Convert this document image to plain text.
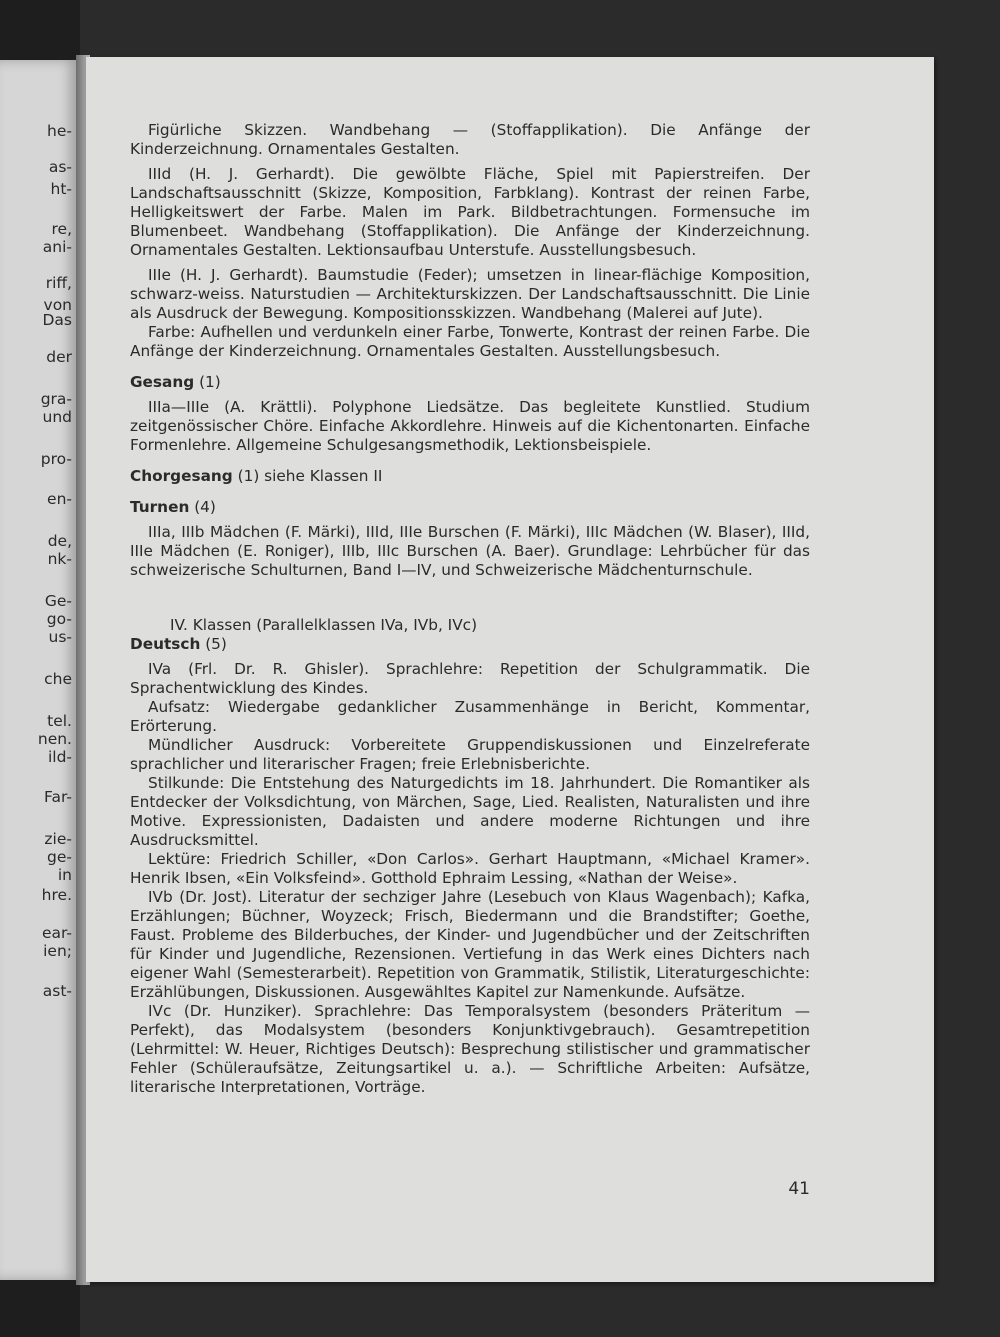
he-
as-
ht-
re,
ani-
riff,
von
Das
der
gra-
und
pro-
en-
de,
nk-
Ge-
go-
us-
che
tel.
nen.
ild-
Far-
zie-
ge-
in
hre.
ear-
ien;
ast-

Figürliche Skizzen. Wandbehang — (Stoffapplikation). Die Anfänge der Kinderzeichnung. Ornamentales Gestalten.

IIId (H. J. Gerhardt). Die gewölbte Fläche, Spiel mit Papierstreifen. Der Landschaftsausschnitt (Skizze, Komposition, Farbklang). Kontrast der reinen Farbe, Helligkeitswert der Farbe. Malen im Park. Bildbetrachtungen. Formensuche im Blumenbeet. Wandbehang (Stoffapplikation). Die Anfänge der Kinderzeichnung. Ornamentales Gestalten. Lektionsaufbau Unterstufe. Ausstellungsbesuch.

IIIe (H. J. Gerhardt). Baumstudie (Feder); umsetzen in linear-flächige Komposition, schwarz-weiss. Naturstudien — Architekturskizzen. Der Landschaftsausschnitt. Die Linie als Ausdruck der Bewegung. Kompositionsskizzen. Wandbehang (Malerei auf Jute).

Farbe: Aufhellen und verdunkeln einer Farbe, Tonwerte, Kontrast der reinen Farbe. Die Anfänge der Kinderzeichnung. Ornamentales Gestalten. Ausstellungsbesuch.

Gesang (1)

IIIa—IIIe (A. Krättli). Polyphone Liedsätze. Das begleitete Kunstlied. Studium zeitgenössischer Chöre. Einfache Akkordlehre. Hinweis auf die Kichentonarten. Einfache Formenlehre. Allgemeine Schulgesangsmethodik, Lektionsbeispiele.

Chorgesang (1) siehe Klassen II

Turnen (4)

IIIa, IIIb Mädchen (F. Märki), IIId, IIIe Burschen (F. Märki), IIIc Mädchen (W. Blaser), IIId, IIIe Mädchen (E. Roniger), IIIb, IIIc Burschen (A. Baer). Grundlage: Lehrbücher für das schweizerische Schulturnen, Band I—IV, und Schweizerische Mädchenturnschule.

IV. Klassen (Parallelklassen IVa, IVb, IVc)

Deutsch (5)

IVa (Frl. Dr. R. Ghisler). Sprachlehre: Repetition der Schulgrammatik. Die Sprachentwicklung des Kindes.

Aufsatz: Wiedergabe gedanklicher Zusammenhänge in Bericht, Kommentar, Erörterung.

Mündlicher Ausdruck: Vorbereitete Gruppendiskussionen und Einzelreferate sprachlicher und literarischer Fragen; freie Erlebnisberichte.

Stilkunde: Die Entstehung des Naturgedichts im 18. Jahrhundert. Die Romantiker als Entdecker der Volksdichtung, von Märchen, Sage, Lied. Realisten, Naturalisten und ihre Motive. Expressionisten, Dadaisten und andere moderne Richtungen und ihre Ausdrucksmittel.

Lektüre: Friedrich Schiller, «Don Carlos». Gerhart Hauptmann, «Michael Kramer». Henrik Ibsen, «Ein Volksfeind». Gotthold Ephraim Lessing, «Nathan der Weise».

IVb (Dr. Jost). Literatur der sechziger Jahre (Lesebuch von Klaus Wagenbach); Kafka, Erzählungen; Büchner, Woyzeck; Frisch, Biedermann und die Brandstifter; Goethe, Faust. Probleme des Bilderbuches, der Kinder- und Jugendbücher und der Zeitschriften für Kinder und Jugendliche, Rezensionen. Vertiefung in das Werk eines Dichters nach eigener Wahl (Semesterarbeit). Repetition von Grammatik, Stilistik, Literaturgeschichte: Erzählübungen, Diskussionen. Ausgewähltes Kapitel zur Namenkunde. Aufsätze.

IVc (Dr. Hunziker). Sprachlehre: Das Temporalsystem (besonders Präteritum — Perfekt), das Modalsystem (besonders Konjunktivgebrauch). Gesamtrepetition (Lehrmittel: W. Heuer, Richtiges Deutsch): Besprechung stilistischer und grammatischer Fehler (Schüleraufsätze, Zeitungsartikel u. a.). — Schriftliche Arbeiten: Aufsätze, literarische Interpretationen, Vorträge.

41
